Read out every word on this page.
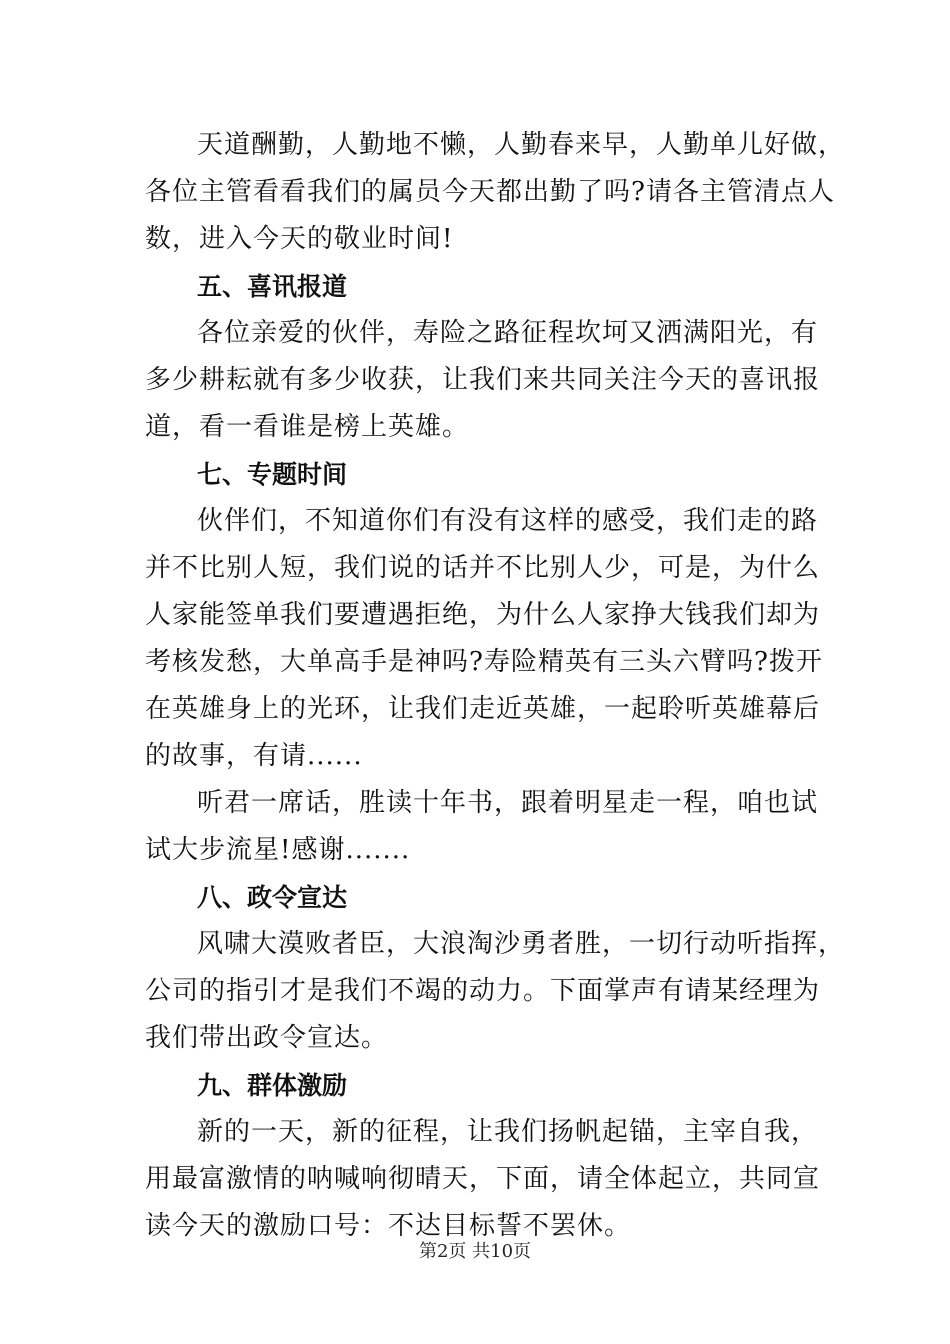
天道酬勤，人勤地不懒，人勤春来早，人勤单儿好做，
各位主管看看我们的属员今天都出勤了吗?请各主管清点人
数，进入今天的敬业时间!
五、喜讯报道
各位亲爱的伙伴，寿险之路征程坎坷又洒满阳光，有
多少耕耘就有多少收获，让我们来共同关注今天的喜讯报
道，看一看谁是榜上英雄。
七、专题时间
伙伴们，不知道你们有没有这样的感受，我们走的路
并不比别人短，我们说的话并不比别人少，可是，为什么
人家能签单我们要遭遇拒绝，为什么人家挣大钱我们却为
考核发愁，大单高手是神吗?寿险精英有三头六臂吗?拨开
在英雄身上的光环，让我们走近英雄，一起聆听英雄幕后
的故事，有请......
听君一席话，胜读十年书，跟着明星走一程，咱也试
试大步流星!感谢.......
八、政令宣达
风啸大漠败者臣，大浪淘沙勇者胜，一切行动听指挥，
公司的指引才是我们不竭的动力。下面掌声有请某经理为
我们带出政令宣达。
九、群体激励
新的一天，新的征程，让我们扬帆起锚，主宰自我，
用最富激情的呐喊响彻晴天，下面，请全体起立，共同宣
读今天的激励口号：不达目标誓不罢休。
第2页 共10页
